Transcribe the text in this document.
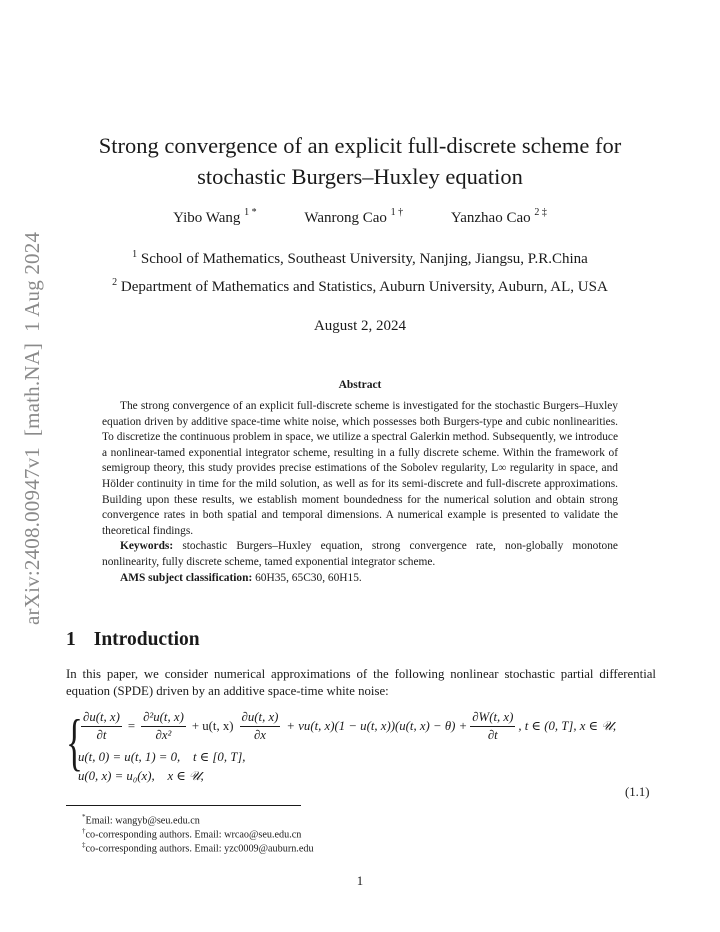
arXiv:2408.00947v1  [math.NA]  1 Aug 2024
Strong convergence of an explicit full-discrete scheme for
stochastic Burgers–Huxley equation
Yibo Wang $^{1 *}$	Wanrong Cao $^{1 \dagger}$	Yanzhao Cao $^{2 \ddagger}$
$^1$ School of Mathematics, Southeast University, Nanjing, Jiangsu, P.R.China
$^2$ Department of Mathematics and Statistics, Auburn University, Auburn, AL, USA
August 2, 2024
Abstract

The strong convergence of an explicit full-discrete scheme is investigated for the stochastic Burgers–Huxley equation driven by additive space-time white noise, which possesses both Burgers-type and cubic nonlinearities. To discretize the continuous problem in space, we utilize a spectral Galerkin method. Subsequently, we introduce a nonlinear-tamed exponential integrator scheme, resulting in a fully discrete scheme. Within the framework of semigroup theory, this study provides precise estimations of the Sobolev regularity, L∞ regularity in space, and Hölder continuity in time for the mild solution, as well as for its semi-discrete and full-discrete approximations. Building upon these results, we establish moment boundedness for the numerical solution and obtain strong convergence rates in both spatial and temporal dimensions. A numerical example is presented to validate the theoretical findings.

Keywords: stochastic Burgers–Huxley equation, strong convergence rate, non-globally monotone nonlinearity, fully discrete scheme, tamed exponential integrator scheme.

AMS subject classification: 60H35, 65C30, 60H15.

1 Introduction
In this paper, we consider numerical approximations of the following nonlinear stochastic partial differential equation (SPDE) driven by an additive space-time white noise:
{
$\frac{\partial u(t, x)}{\partial t} = \frac{\text{∂²u(t, x)}}{\text{∂x²}} + u(t$, $x) \frac{\partial u(t, x)}{\partial x} + \nu u(t$, x)(1 − u(t, x))(u(t, $x) - \theta) + \frac{\partial W(t, x)}{\partial t}$ , t ∈ (0, T], x ∈ 𝒰,
u(t, 0) = u(t, 1) = 0,    t ∈ [0, T],
u(0, x) = u₀(x),    x ∈ 𝒰,
(1.1)
*Email: wangyb@seu.edu.cn
†co-corresponding authors. Email: wrcao@seu.edu.cn
‡co-corresponding authors. Email: yzc0009@auburn.edu
1
